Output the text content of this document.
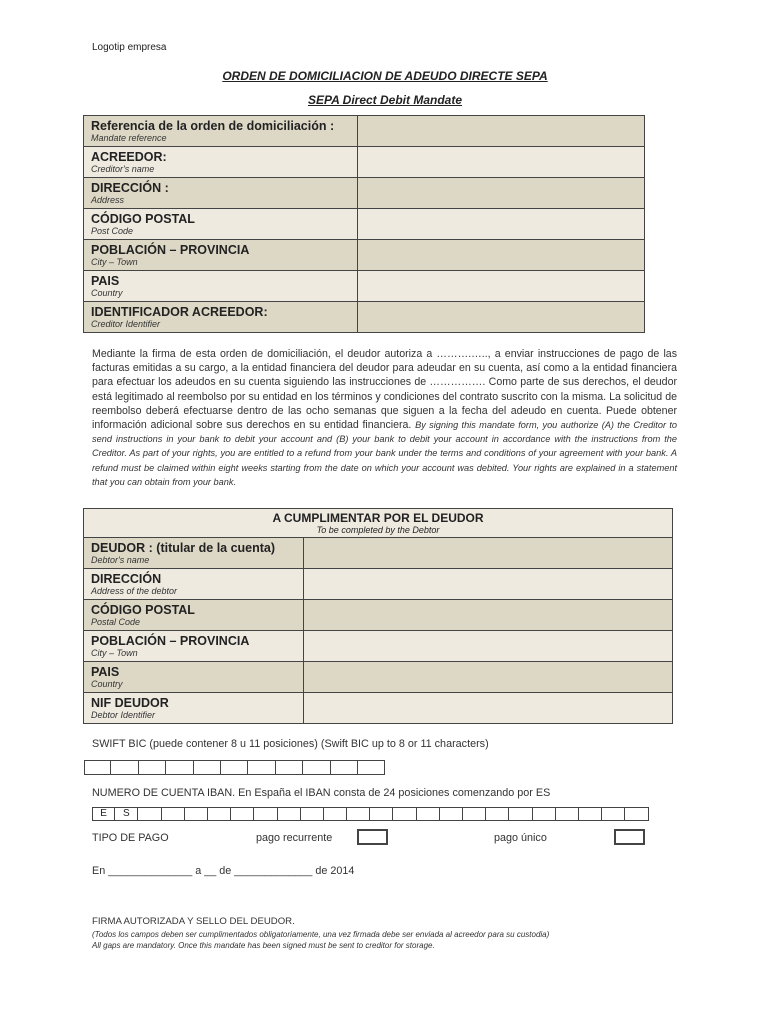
Logotip empresa
ORDEN DE DOMICILIACION DE ADEUDO DIRECTE SEPA
SEPA Direct Debit Mandate
Referencia de la orden de domiciliación :
Mandate reference	

ACREEDOR:
Creditor's name	

DIRECCIÓN :
Address	

CÓDIGO POSTAL
Post Code	

POBLACIÓN – PROVINCIA
City – Town	

PAIS
Country	

IDENTIFICADOR ACREEDOR:
Creditor Identifier	

Mediante la firma de esta orden de domiciliación, el deudor autoriza a ……….….., a enviar instrucciones de pago de las facturas emitidas a su cargo, a la entidad financiera del deudor para adeudar en su cuenta, así como a la entidad financiera para efectuar los adeudos en su cuenta siguiendo las instrucciones de ……………. Como parte de sus derechos, el deudor está legitimado al reembolso por su entidad en los términos y condiciones del contrato suscrito con la misma. La solicitud de reembolso deberá efectuarse dentro de las ocho semanas que siguen a la fecha del adeudo en cuenta. Puede obtener información adicional sobre sus derechos en su entidad financiera. By signing this mandate form, you authorize (A) the Creditor to send instructions in your bank to debit your account and (B) your bank to debit your account in accordance with the instructions from the Creditor. As part of your rights, you are entitled to a refund from your bank under the terms and conditions of your agreement with your bank. A refund must be claimed within eight weeks starting from the date on which your account was debited. Your rights are explained in a statement that you can obtain from your bank.
A CUMPLIMENTAR POR EL DEUDOR
To be completed by the Debtor	

DEUDOR : (titular de la cuenta)
Debtor's name	

DIRECCIÓN
Address of the debtor	

CÓDIGO POSTAL
Postal Code	

POBLACIÓN – PROVINCIA
City – Town	

PAIS
Country	

NIF DEUDOR
Debtor Identifier	

SWIFT BIC (puede contener 8 u 11 posiciones) (Swift BIC up to 8 or 11 characters)
NUMERO DE CUENTA IBAN. En España el IBAN consta de 24 posiciones comenzando por ES
E	S
TIPO DE PAGO	pago recurrente	pago único
En ______________ a __ de _____________ de 2014
FIRMA AUTORIZADA Y SELLO DEL DEUDOR.
(Todos los campos deben ser cumplimentados obligatoriamente, una vez firmada debe ser enviada al acreedor para su custodia)
All gaps are mandatory. Once this mandate has been signed must be sent to creditor for storage.
